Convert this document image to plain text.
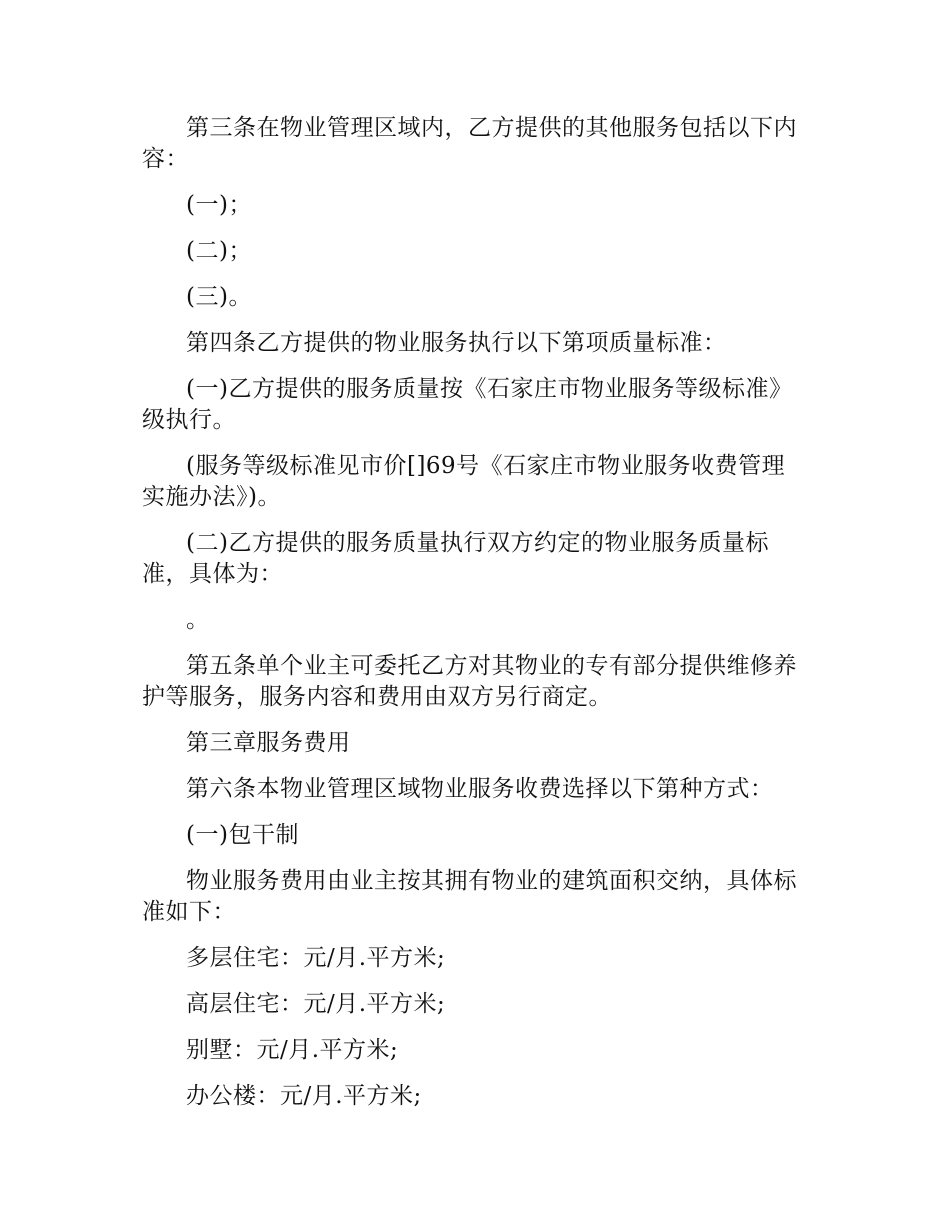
第三条在物业管理区域内，乙方提供的其他服务包括以下内容：

(一)；

(二)；

(三)。

第四条乙方提供的物业服务执行以下第项质量标准：

(一)乙方提供的服务质量按《石家庄市物业服务等级标准》级执行。

(服务等级标准见市价[]69号《石家庄市物业服务收费管理实施办法》)。

(二)乙方提供的服务质量执行双方约定的物业服务质量标准，具体为：

。

第五条单个业主可委托乙方对其物业的专有部分提供维修养护等服务，服务内容和费用由双方另行商定。

第三章服务费用

第六条本物业管理区域物业服务收费选择以下第种方式：

(一)包干制

物业服务费用由业主按其拥有物业的建筑面积交纳，具体标准如下：

多层住宅：元/月.平方米;

高层住宅：元/月.平方米;

别墅：元/月.平方米;

办公楼：元/月.平方米;
